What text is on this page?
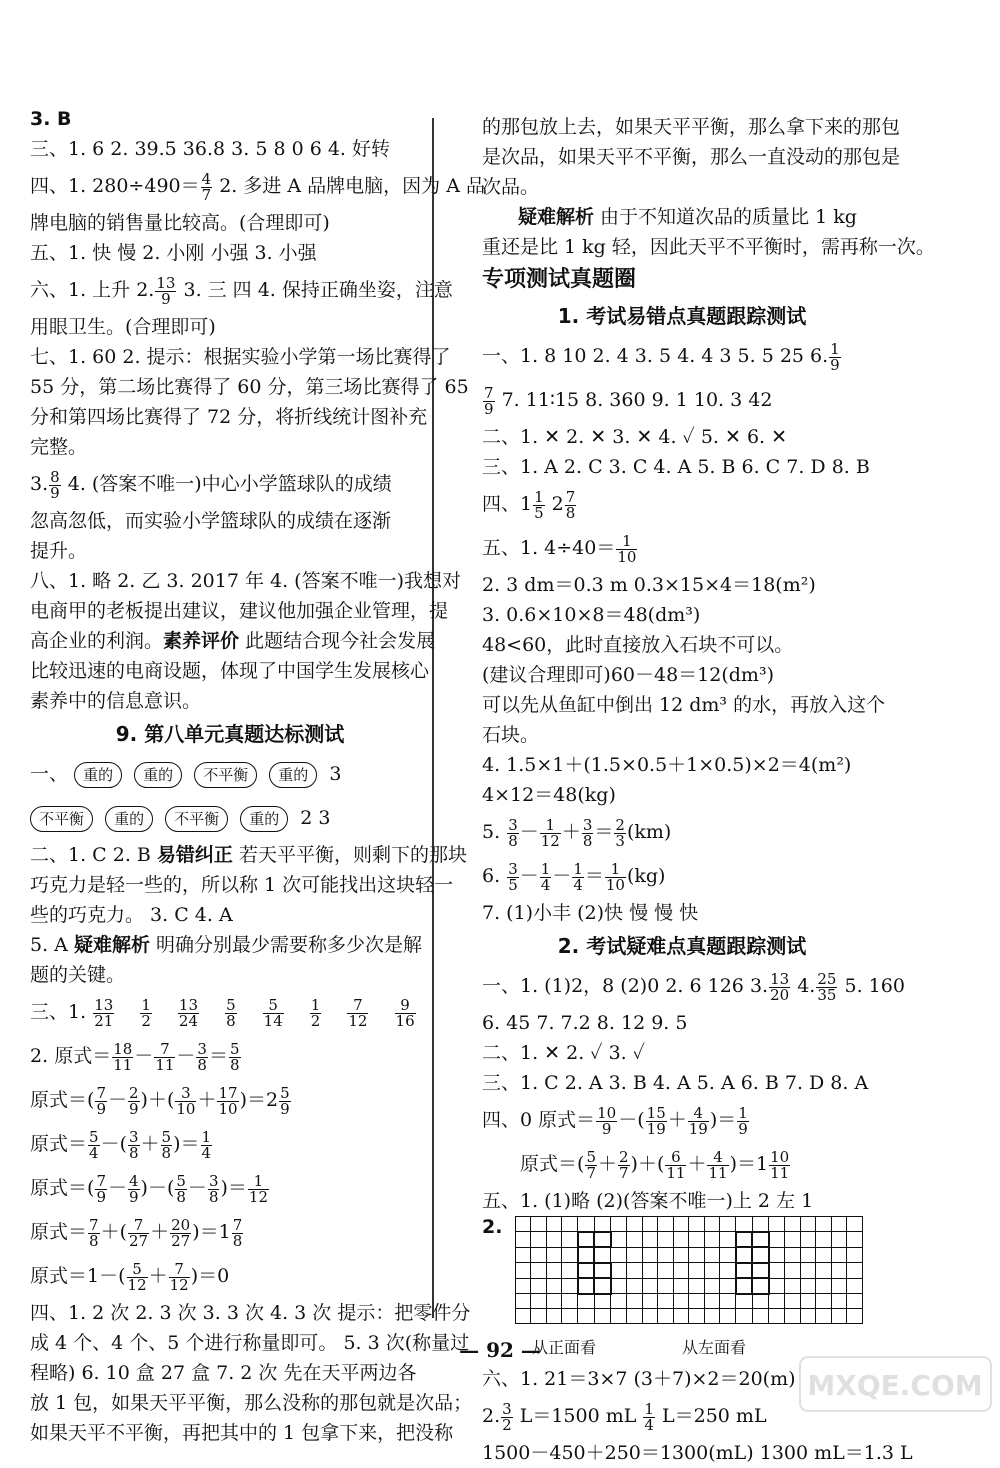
3. B
三、1. 6 2. 39.5 36.8 3. 5 8 0 6 4. 好转
四、1. $280\div 490= \frac{4}{7} 2$. 多进 A 品牌电脑，因为 A 品
牌电脑的销售量比较高。(合理即可)
五、1. 快 慢 2. 小刚 小强 3. 小强
六、1. 上升 2. $\frac{13}{9} 3$. 三 四 4. 保持正确坐姿，注意
用眼卫生。(合理即可)
七、1. 60 2. 提示：根据实验小学第一场比赛得了
55 分，第二场比赛得了 60 分，第三场比赛得了 65
分和第四场比赛得了 72 分，将折线统计图补充
完整。
3. $\frac{8}{9} 4$. (答案不唯一)中心小学篮球队的成绩
忽高忽低，而实验小学篮球队的成绩在逐渐
提升。
八、1. 略 2. 乙 3. 2017 年 4. (答案不唯一)我想对
电商甲的老板提出建议，建议他加强企业管理，提
高企业的利润。素养评价 此题结合现今社会发展
比较迅速的电商设题，体现了中国学生发展核心
素养中的信息意识。
9. 第八单元真题达标测试
一、 重的 重的 不平衡 重的 3
不平衡 重的 不平衡 重的 2 3
二、1. C 2. B 易错纠正 若天平平衡，则剩下的那块
巧克力是轻一些的，所以称 1 次可能找出这块轻一
些的巧克力。 3. C 4. A
5. A 疑难解析 明确分别最少需要称多少次是解
题的关键。
三、1. $\frac{13}{21}$
$\frac{1}{2}$
$\frac{13}{24}$
$\frac{5}{8}$
$\frac{5}{14}$
$\frac{1}{2}$
$\frac{7}{12}$
$\frac{9}{16}$
2. 原式＝ $\frac{18}{11} - \frac{7}{11} - \frac{3}{8} = \frac{5}{8}$
原式＝( $\frac{7}{9} - \frac{2}{9}$ )＋( $\frac{3}{10} + \frac{17}{10} )=2 \frac{5}{9}$
原式＝ $\frac{5}{4}$ －( $\frac{3}{8} + \frac{5}{8}$ )＝ $\frac{1}{4}$
原式＝( $\frac{7}{9} - \frac{4}{9}$ )－( $\frac{5}{8} - \frac{3}{8}$ )＝ $\frac{1}{12}$
原式＝ $\frac{7}{8}$ ＋( $\frac{7}{27} + \frac{20}{27} )=1 \frac{7}{8}$
原式$=1-( \frac{5}{12} + \frac{7}{12} )=0$
四、1. 2 次 2. 3 次 3. 3 次 4. 3 次 提示：把零件分
成 4 个、4 个、5 个进行称量即可。 5. 3 次(称量过
程略) 6. 10 盒 27 盒 7. 2 次 先在天平两边各
放 1 包，如果天平平衡，那么没称的那包就是次品；
如果天平不平衡，再把其中的 1 包拿下来，把没称
的那包放上去，如果天平平衡，那么拿下来的那包
是次品，如果天平不平衡，那么一直没动的那包是
次品。
疑难解析 由于不知道次品的质量比 1 kg
重还是比 1 kg 轻，因此天平不平衡时，需再称一次。
专项测试真题圈
1. 考试易错点真题跟踪测试
一、1. 8 10 2. 4 3. 5 4. 4 3 5. 5 25 6. $\frac{1}{9}$
$\frac{7}{9} 7$. 11∶15 8. 360 9. 1 10. 3 42
二、1. ✕ 2. ✕ 3. ✕ 4. ✓ 5. ✕ 6. ✕
三、1. A 2. C 3. C 4. A 5. B 6. C 7. D 8. B
四、$1 \frac{1}{5} 2 \frac{7}{8}$
五、1. $4\div 40= \frac{1}{10}$
2. 3 dm＝0.3 m 0.3×15×4＝18(m²)
3. 0.6×10×8＝48(dm³)
48<60，此时直接放入石块不可以。
(建议合理即可)60－48＝12(dm³)
可以先从鱼缸中倒出 12 dm³ 的水，再放入这个
石块。
4. 1.5×1＋(1.5×0.5＋1×0.5)×2＝4(m²)
4×12＝48(kg)
5. $\frac{3}{8} - \frac{1}{12} + \frac{3}{8} = \frac{2}{3} (km)$
6. $\frac{3}{5} - \frac{1}{4} - \frac{1}{4} = \frac{1}{10} (kg)$
7. (1)小丰 (2)快 慢 慢 快
2. 考试疑难点真题跟踪测试
一、1. (1)2，8 (2)0 2. 6 126 3. $\frac{13}{20} 4$. $\frac{25}{35} 5$. 160
6. 45 7. 7.2 8. 12 9. 5
二、1. ✕ 2. ✓ 3. ✓
三、1. C 2. A 3. B 4. A 5. A 6. B 7. D 8. A
四、0 原式＝ $\frac{10}{9}$ －( $\frac{15}{19} + \frac{4}{19}$ )＝ $\frac{1}{9}$
原式＝( $\frac{5}{7} + \frac{2}{7}$ )＋( $\frac{6}{11} + \frac{4}{11} )=1 \frac{10}{11}$
五、1. (1)略 (2)(答案不唯一)上 2 左 1
2.

从正面看	从左面看
六、1. 21＝3×7 (3＋7)×2＝20(m)
2. $\frac{3}{2} L=1500$ mL $\frac{1}{4} L=250$ mL
1500－450＋250＝1300(mL) 1300 mL＝1.3 L
— 92 —
MXQE.COM
